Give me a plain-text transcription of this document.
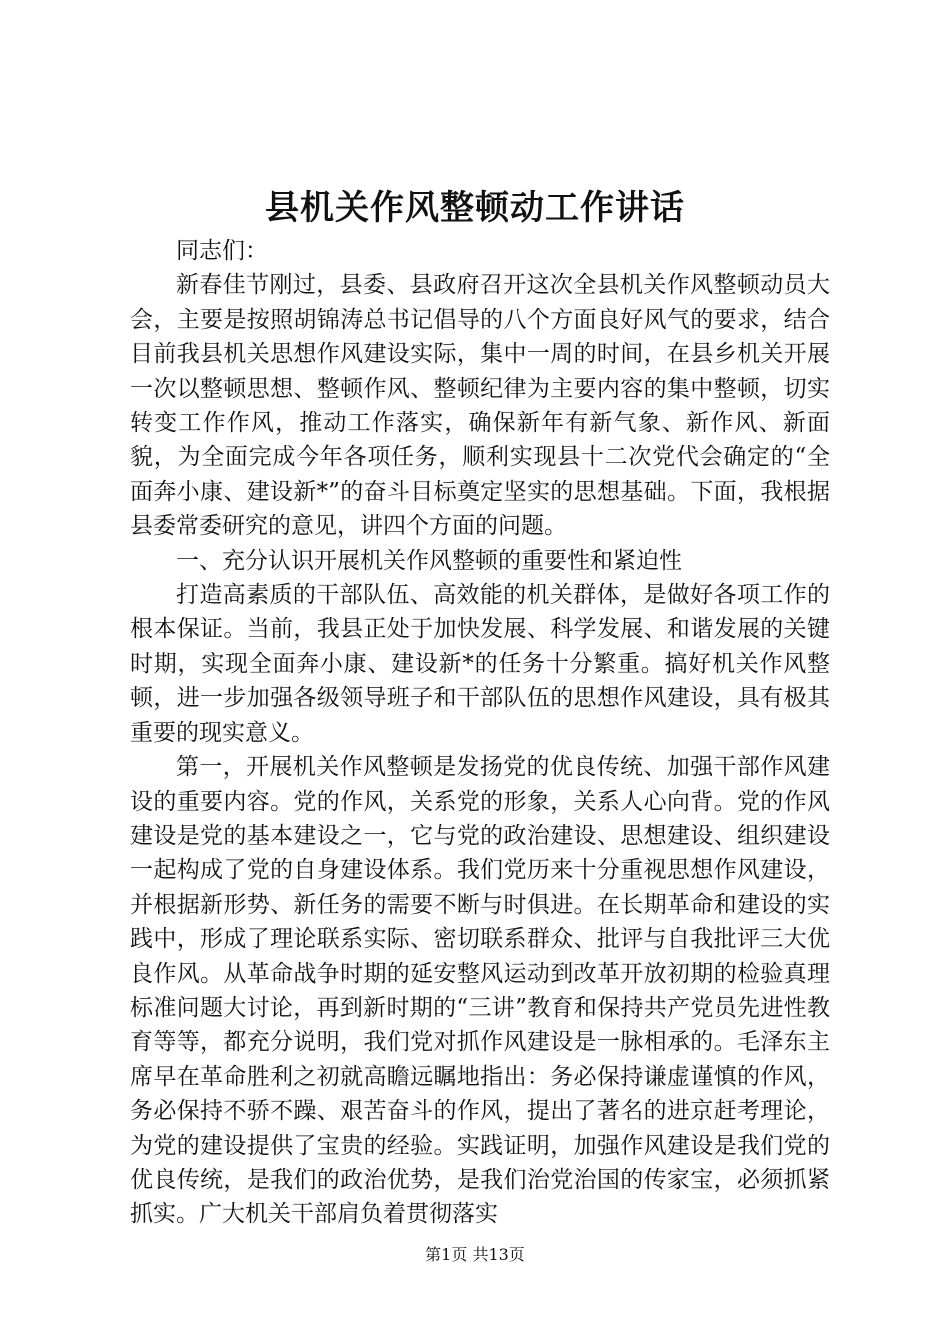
县机关作风整顿动工作讲话

同志们：

新春佳节刚过，县委、县政府召开这次全县机关作风整顿动员大会，主要是按照胡锦涛总书记倡导的八个方面良好风气的要求，结合目前我县机关思想作风建设实际，集中一周的时间，在县乡机关开展一次以整顿思想、整顿作风、整顿纪律为主要内容的集中整顿，切实转变工作作风，推动工作落实，确保新年有新气象、新作风、新面貌，为全面完成今年各项任务，顺利实现县十二次党代会确定的“全面奔小康、建设新*”的奋斗目标奠定坚实的思想基础。下面，我根据县委常委研究的意见，讲四个方面的问题。

一、充分认识开展机关作风整顿的重要性和紧迫性

打造高素质的干部队伍、高效能的机关群体，是做好各项工作的根本保证。当前，我县正处于加快发展、科学发展、和谐发展的关键时期，实现全面奔小康、建设新*的任务十分繁重。搞好机关作风整顿，进一步加强各级领导班子和干部队伍的思想作风建设，具有极其重要的现实意义。

第一，开展机关作风整顿是发扬党的优良传统、加强干部作风建设的重要内容。党的作风，关系党的形象，关系人心向背。党的作风建设是党的基本建设之一，它与党的政治建设、思想建设、组织建设一起构成了党的自身建设体系。我们党历来十分重视思想作风建设，并根据新形势、新任务的需要不断与时俱进。在长期革命和建设的实践中，形成了理论联系实际、密切联系群众、批评与自我批评三大优良作风。从革命战争时期的延安整风运动到改革开放初期的检验真理标准问题大讨论，再到新时期的“三讲”教育和保持共产党员先进性教育等等，都充分说明，我们党对抓作风建设是一脉相承的。毛泽东主席早在革命胜利之初就高瞻远瞩地指出：务必保持谦虚谨慎的作风，务必保持不骄不躁、艰苦奋斗的作风，提出了著名的进京赶考理论，为党的建设提供了宝贵的经验。实践证明，加强作风建设是我们党的优良传统，是我们的政治优势，是我们治党治国的传家宝，必须抓紧抓实。广大机关干部肩负着贯彻落实

第1页 共13页
